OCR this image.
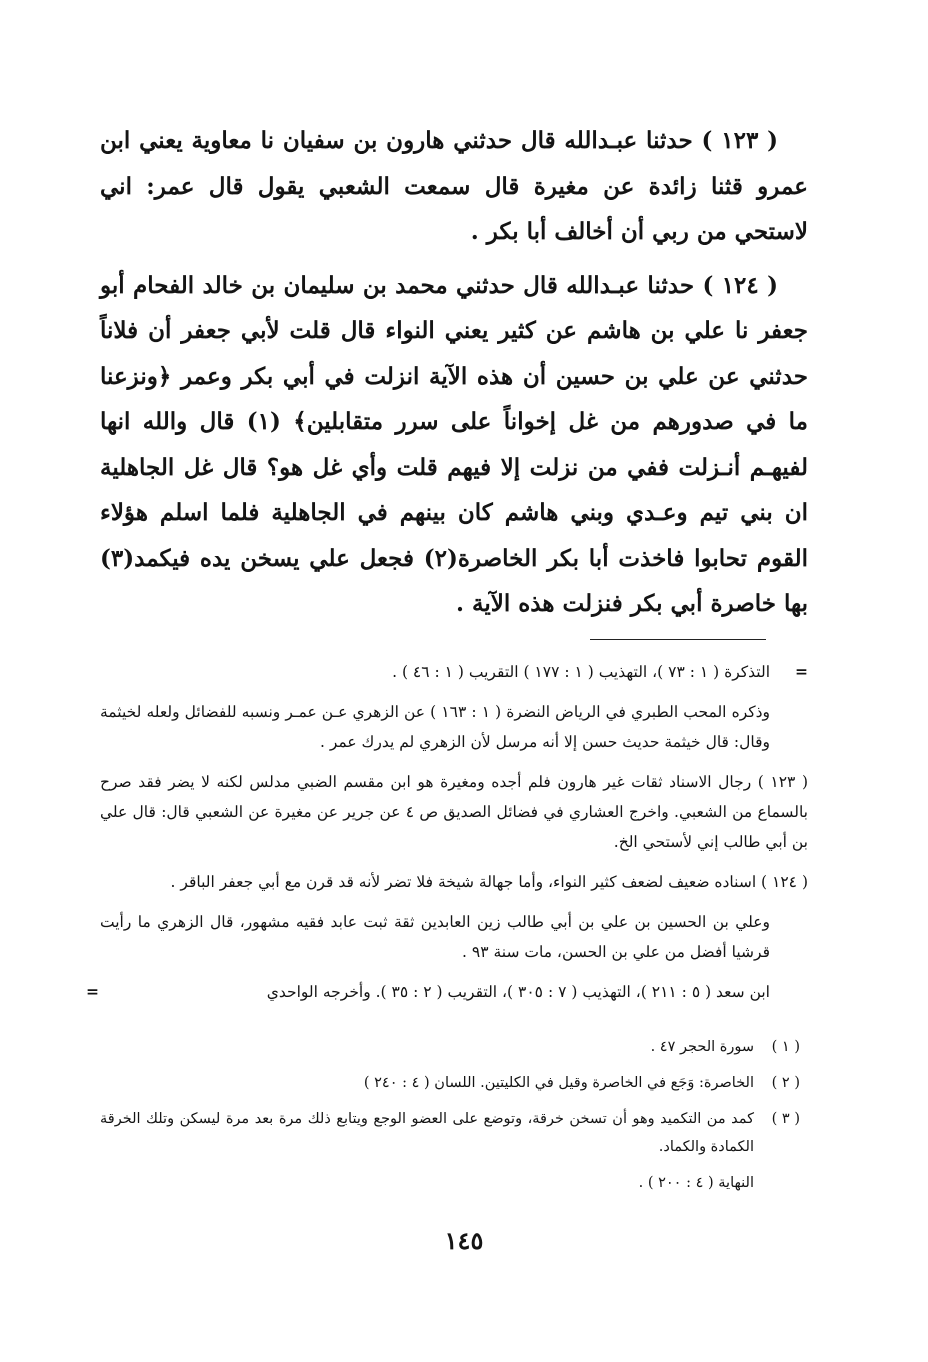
( ١٢٣ ) حدثنا عبـدالله قال حدثني هارون بن سفيان نا معاوية يعني ابن عمرو قثنا زائدة عن مغيرة قال سمعت الشعبي يقول قال عمر: اني لاستحي من ربي أن أخالف أبا بكر .

( ١٢٤ ) حدثنا عبـدالله قال حدثني محمد بن سليمان بن خالد الفحام أبو جعفر نا علي بن هاشم عن كثير يعني النواء قال قلت لأبي جعفر أن فلاناً حدثني عن علي بن حسين أن هذه الآية انزلت في أبي بكر وعمر ﴿ونزعنا ما في صدورهم من غل إخواناً على سرر متقابلين﴾ (١) قال والله انها لفيهـم أنـزلت ففي من نزلت إلا فيهم قلت وأي غل هو؟ قال غل الجاهلية ان بني تيم وعـدي وبني هاشم كان بينهم في الجاهلية فلما اسلم هؤلاء القوم تحابوا فاخذت أبا بكر الخاصرة(٢) فجعل علي يسخن يده فيكمد(٣) بها خاصرة أبي بكر فنزلت هذه الآية .

=
التذكرة ( ١ : ٧٣ )، التهذيب ( ١ : ١٧٧ ) التقريب ( ١ : ٤٦ ) .

وذكره المحب الطبري في الرياض النضرة ( ١ : ١٦٣ ) عن الزهري عـن عمـر ونسبه للفضائل ولعله لخيثمة وقال: قال خيثمة حديث حسن إلا أنه مرسل لأن الزهري لم يدرك عمر .

( ١٢٣ ) رجال الاسناد ثقات غير هارون فلم أجده ومغيرة هو ابن مقسم الضبي مدلس لكنه لا يضر فقد صرح بالسماع من الشعبي. واخرج العشاري في فضائل الصديق ص ٤ عن جرير عن مغيرة عن الشعبي قال: قال علي بن أبي طالب إني لأستحي الخ.

( ١٢٤ ) اسناده ضعيف لضعف كثير النواء، وأما جهالة شيخة فلا تضر لأنه قد قرن مع أبي جعفر الباقر .

وعلي بن الحسين بن علي بن أبي طالب زين العابدين ثقة ثبت عابد فقيه مشهور، قال الزهري ما رأيت قرشيا أفضل من علي بن الحسن، مات سنة ٩٣ .

ابن سعد ( ٥ : ٢١١ )، التهذيب ( ٧ : ٣٠٥ )، التقريب ( ٢ : ٣٥ ). وأخرجه الواحدي
=

( ١ )
سورة الحجر ٤٧ .
( ٢ )
الخاصرة: وَجَع في الخاصرة وقيل في الكليتين. اللسان ( ٤ : ٢٤٠ )
( ٣ )
كمد من التكميد وهو أن تسخن خرقة، وتوضع على العضو الوجع ويتابع ذلك مرة بعد مرة ليسكن وتلك الخرقة الكمادة والكماد.

النهاية ( ٤ : ٢٠٠ ) .

١٤٥
